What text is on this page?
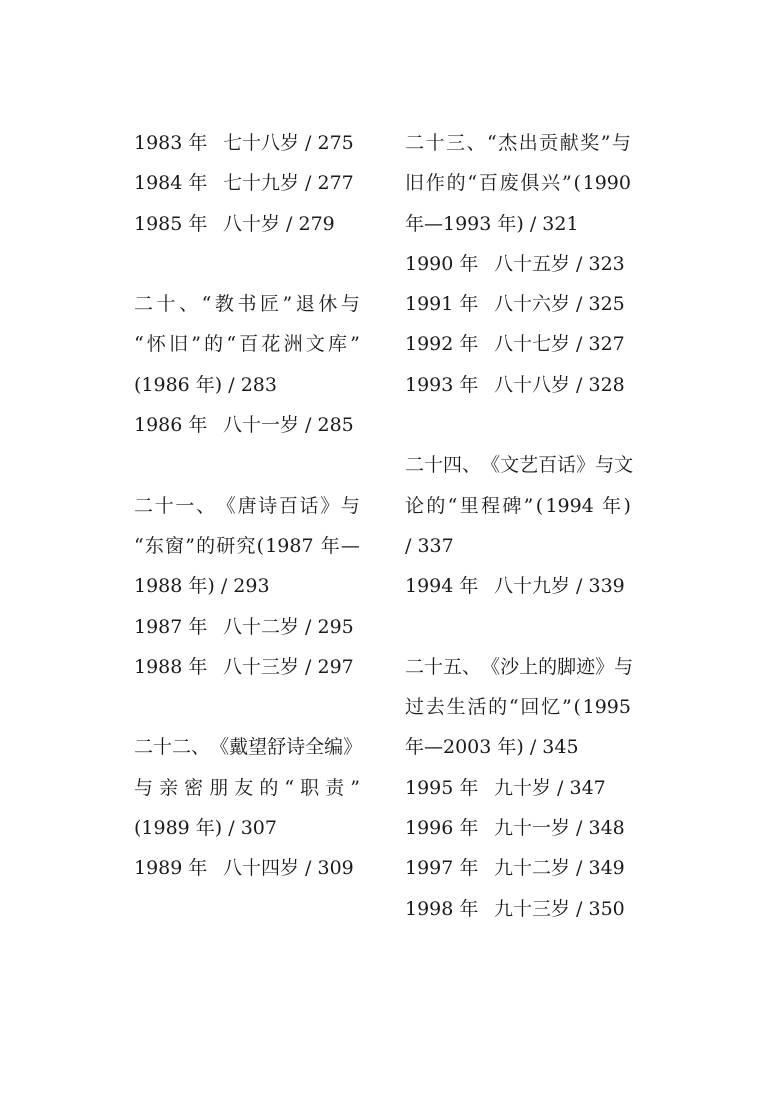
1983 年 七十八岁 / 275
1984 年 七十九岁 / 277
1985 年 八十岁 / 279
二 十 、 “ 教 书 匠 ” 退 休 与
“ 怀 旧 ” 的 “ 百 花 洲 文 库 ”
(1986 年) / 283
1986 年 八十一岁 / 285
二 十 一 、 《 唐 诗 百 话 》 与
“ 东 窗 ” 的 研 究 ( 1987 年 —
1988 年) / 293
1987 年 八十二岁 / 295
1988 年 八十三岁 / 297
二 十 二 、 《 戴 望 舒 诗 全 编 》
与 亲 密 朋 友 的 “ 职 责 ”
(1989 年) / 307
1989 年 八十四岁 / 309
二 十 三 、 “ 杰 出 贡 献 奖 ” 与
旧 作 的 “ 百 废 俱 兴 ” ( 1990
年—1993 年) / 321
1990 年 八十五岁 / 323
1991 年 八十六岁 / 325
1992 年 八十七岁 / 327
1993 年 八十八岁 / 328
二 十 四 、 《 文 艺 百 话 》 与 文
论 的 “ 里 程 碑 ” ( 1994 年 )
/ 337
1994 年 八十九岁 / 339
二 十 五 、 《 沙 上 的 脚 迹 》 与
过 去 生 活 的 “ 回 忆 ” ( 1995
年—2003 年) / 345
1995 年 九十岁 / 347
1996 年 九十一岁 / 348
1997 年 九十二岁 / 349
1998 年 九十三岁 / 350
